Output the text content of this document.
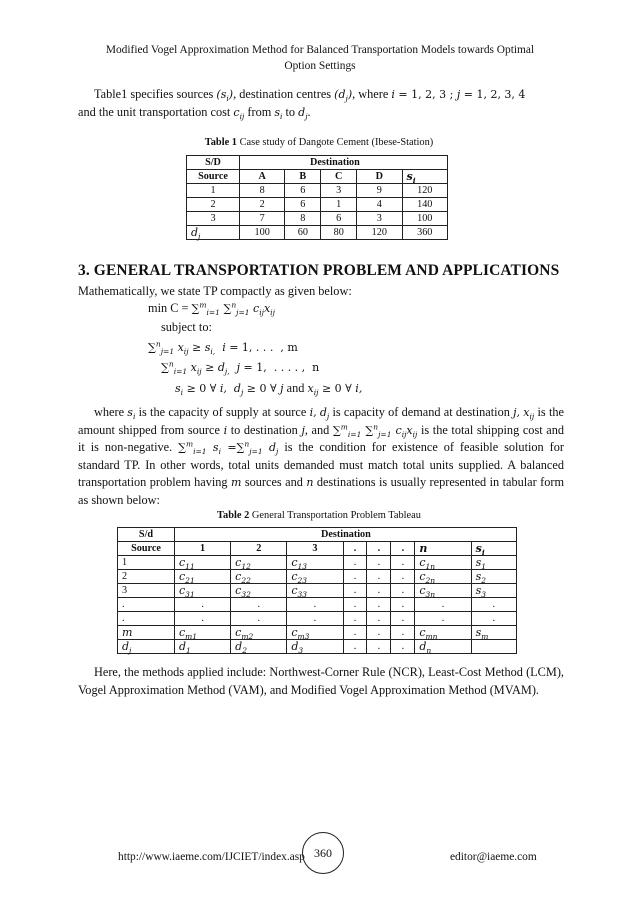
Modified Vogel Approximation Method for Balanced Transportation Models towards Optimal Option Settings
Table1 specifies sources $(s_i)$, destination centres $(d_j)$, where i = 1, 2, 3 ; j = 1, 2, 3, 4
and the unit transportation cost $c_{ij}$ from $s_i$ to $d_j$.
Table 1 Case study of Dangote Cement (Ibese-Station)
S/D	Destination				
Source	A	B	C	D	$s_i$
1	8	6	3	9	120
2	2	6	1	4	140
3	7	8	6	3	100
$d_j$	100	60	80	120	360
3. GENERAL TRANSPORTATION PROBLEM AND APPLICATIONS
Mathematically, we state TP compactly as given below:
min C = ∑$^m_{i=1}$ ∑$^n_{j=1}$ $c_{ij}x_{ij}$
subject to:
∑$^n_{j=1}$ $x_{ij} \ge s_{i,}$  i = 1, . . .  , m
∑$^n_{i=1}$ $x_{ij} \ge d_{j,}$  j = 1,  . . . . ,  n
$s_i \ge 0$ ∀ i,  $d_j \ge 0$ ∀ j and $x_{ij} \ge 0$ ∀ i,
where $s_i$ is the capacity of supply at source i, $d_j$ is capacity of demand at destination j, $x_{ij}$ is the amount shipped from source i to destination j, and ∑$^m_{i=1}$ ∑$^n_{j=1}$ $c_{ij}x_{ij}$ is the total shipping cost and it is non-negative. ∑$^m_{i=1}$ $s_i =\sum^n_{j=1}$ $d_j$ is the condition for existence of feasible solution for standard TP. In other words, total units demanded must match total units supplied. A balanced transportation problem having m sources and n destinations is usually represented in tabular form as shown below:
Table 2 General Transportation Problem Tableau
S/d	Destination							
Source	1	2	3	.	.	.	n	$s_i$
1	$c_{11}$	$c_{12}$	$c_{13}$	.	.	.	$c_{1n}$	$s_1$
2	$c_{21}$	$c_{22}$	$c_{23}$	.	.	.	$c_{2n}$	$s_2$
3	$c_{31}$	$c_{32}$	$c_{33}$	.	.	.	$c_{3n}$	$s_3$
.	.	.	.	.	.	.	.	.
.	.	.	.	.	.	.	.	.
m	$c_{m1}$	$c_{m2}$	$c_{m3}$	.	.	.	$c_{mn}$	$s_m$
$d_j$	$d_1$	$d_2$	$d_3$	.	.	.	$d_n$	
Here, the methods applied include: Northwest-Corner Rule (NCR), Least-Cost Method (LCM), Vogel Approximation Method (VAM), and Modified Vogel Approximation Method (MVAM).
http://www.iaeme.com/IJCIET/index.asp 360	editor@iaeme.com
